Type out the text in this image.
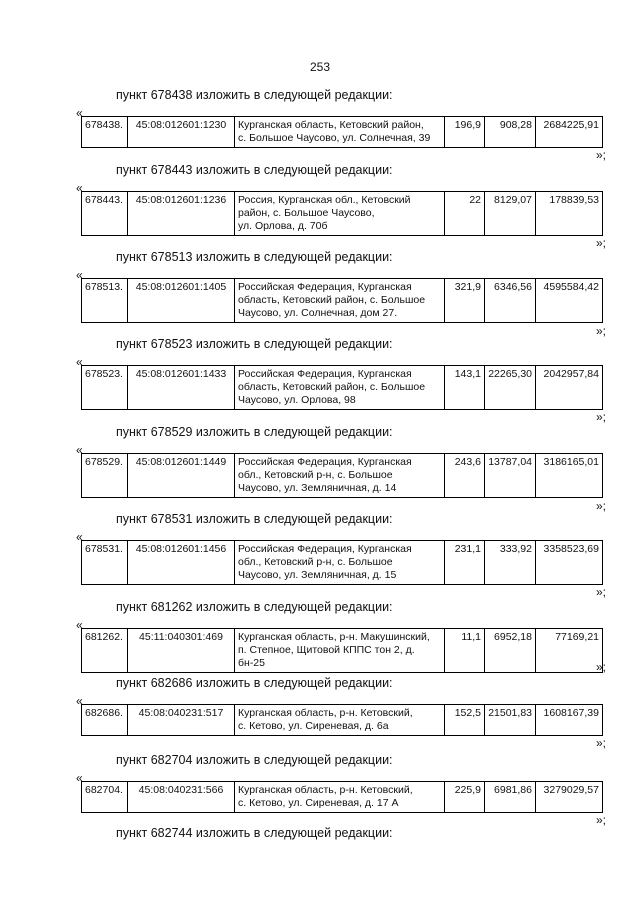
253
пункт 678438 изложить в следующей редакции:
«
678438.	45:08:012601:1230	Курганская область, Кетовский район,
с. Большое Чаусово, ул. Солнечная, 39	196,9	908,28	2684225,91
»;
пункт 678443 изложить в следующей редакции:
«
678443.	45:08:012601:1236	Россия, Курганская обл., Кетовский
район, с. Большое Чаусово,
ул. Орлова, д. 70б	22	8129,07	178839,53
»;
пункт 678513 изложить в следующей редакции:
«
678513.	45:08:012601:1405	Российская Федерация, Курганская
область, Кетовский район, с. Большое
Чаусово, ул. Солнечная, дом 27.	321,9	6346,56	4595584,42
»;
пункт 678523 изложить в следующей редакции:
«
678523.	45:08:012601:1433	Российская Федерация, Курганская
область, Кетовский район, с. Большое
Чаусово, ул. Орлова, 98	143,1	22265,30	2042957,84
»;
пункт 678529 изложить в следующей редакции:
«
678529.	45:08:012601:1449	Российская Федерация, Курганская
обл., Кетовский р-н, с. Большое
Чаусово, ул. Земляничная, д. 14	243,6	13787,04	3186165,01
»;
пункт 678531 изложить в следующей редакции:
«
678531.	45:08:012601:1456	Российская Федерация, Курганская
обл., Кетовский р-н, с. Большое
Чаусово, ул. Земляничная, д. 15	231,1	333,92	3358523,69
»;
пункт 681262 изложить в следующей редакции:
«
681262.	45:11:040301:469	Курганская область, р-н. Макушинский,
п. Степное, Щитовой КППС тон 2, д. бн-25	11,1	6952,18	77169,21
»;
пункт 682686 изложить в следующей редакции:
«
682686.	45:08:040231:517	Курганская область, р-н. Кетовский,
с. Кетово, ул. Сиреневая, д. 6а	152,5	21501,83	1608167,39
»;
пункт 682704 изложить в следующей редакции:
«
682704.	45:08:040231:566	Курганская область, р-н. Кетовский,
с. Кетово, ул. Сиреневая, д. 17 А	225,9	6981,86	3279029,57
»;
пункт 682744 изложить в следующей редакции:
